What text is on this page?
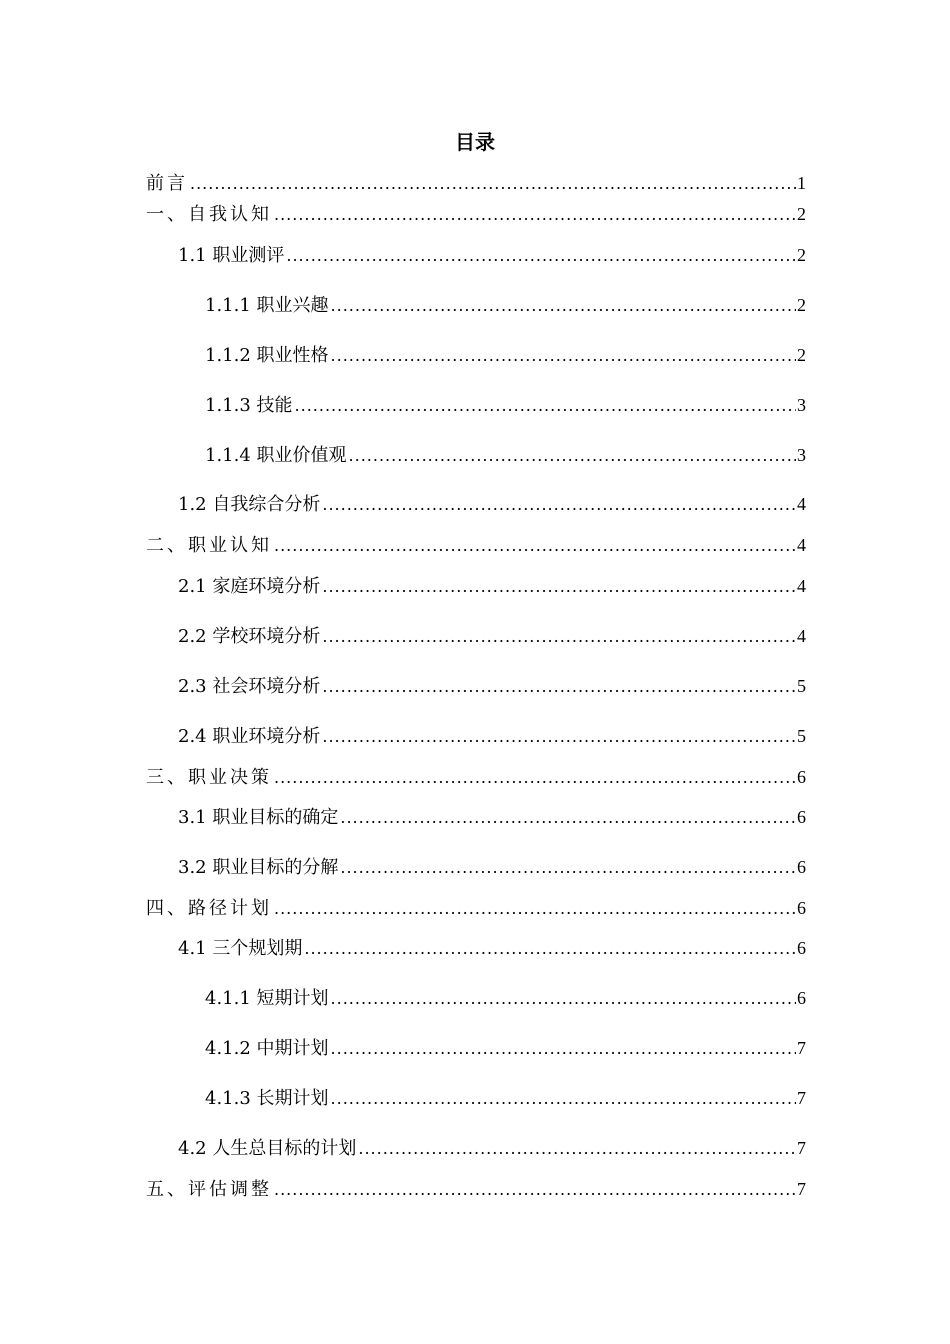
目录
前言 .....	1
一、自我认知 .....	2
1.1 职业测评 .....	2
1.1.1 职业兴趣 .....	2
1.1.2 职业性格 .....	2
1.1.3 技能 .....	3
1.1.4 职业价值观 .....	3
1.2 自我综合分析 .....	4
二、职业认知 .....	4
2.1 家庭环境分析 .....	4
2.2 学校环境分析 .....	4
2.3 社会环境分析 .....	5
2.4 职业环境分析 .....	5
三、职业决策 .....	6
3.1 职业目标的确定 .....	6
3.2 职业目标的分解 .....	6
四、路径计划 .....	6
4.1 三个规划期 .....	6
4.1.1 短期计划 .....	6
4.1.2 中期计划 .....	7
4.1.3 长期计划 .....	7
4.2 人生总目标的计划 .....	7
五、评估调整 .....	7
